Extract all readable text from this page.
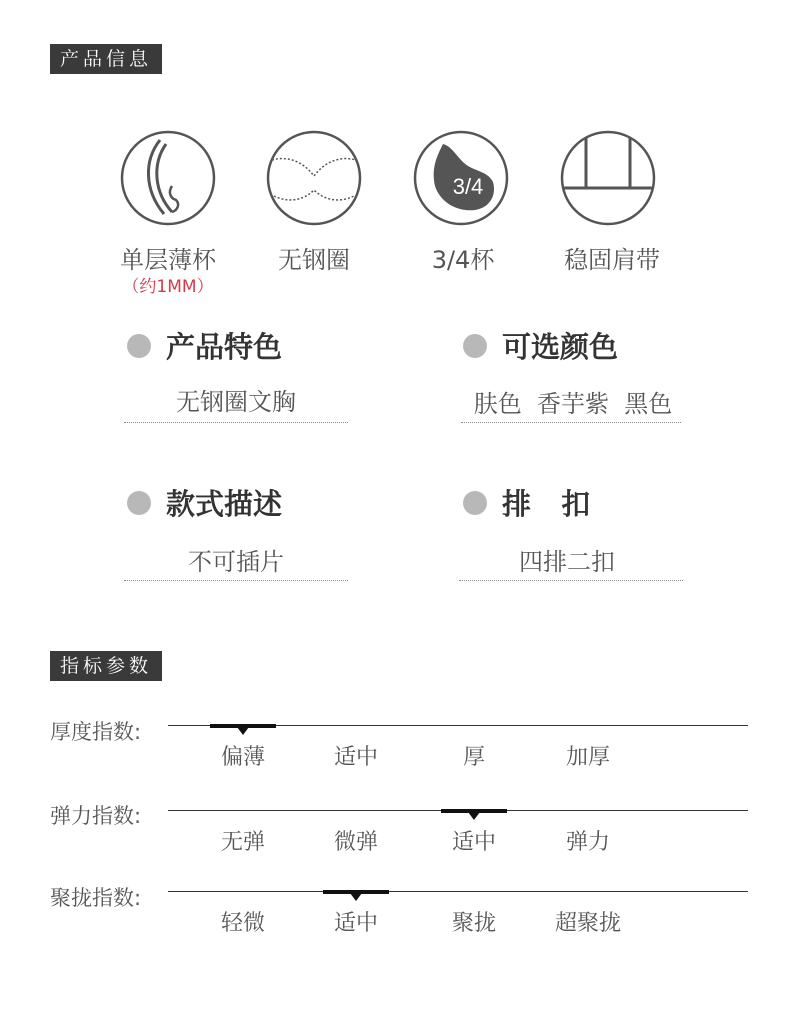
产品信息
3/4
单层薄杯
（约1MM）
无钢圈	3/4杯	稳固肩带
产品特色
无钢圈文胸
可选颜色
肤色  香芋紫  黑色
款式描述
不可插片
排   扣
四排二扣
指标参数
厚度指数:
偏薄	适中	厚	加厚
弹力指数:
无弹	微弹	适中	弹力
聚拢指数:
轻微	适中	聚拢	超聚拢
